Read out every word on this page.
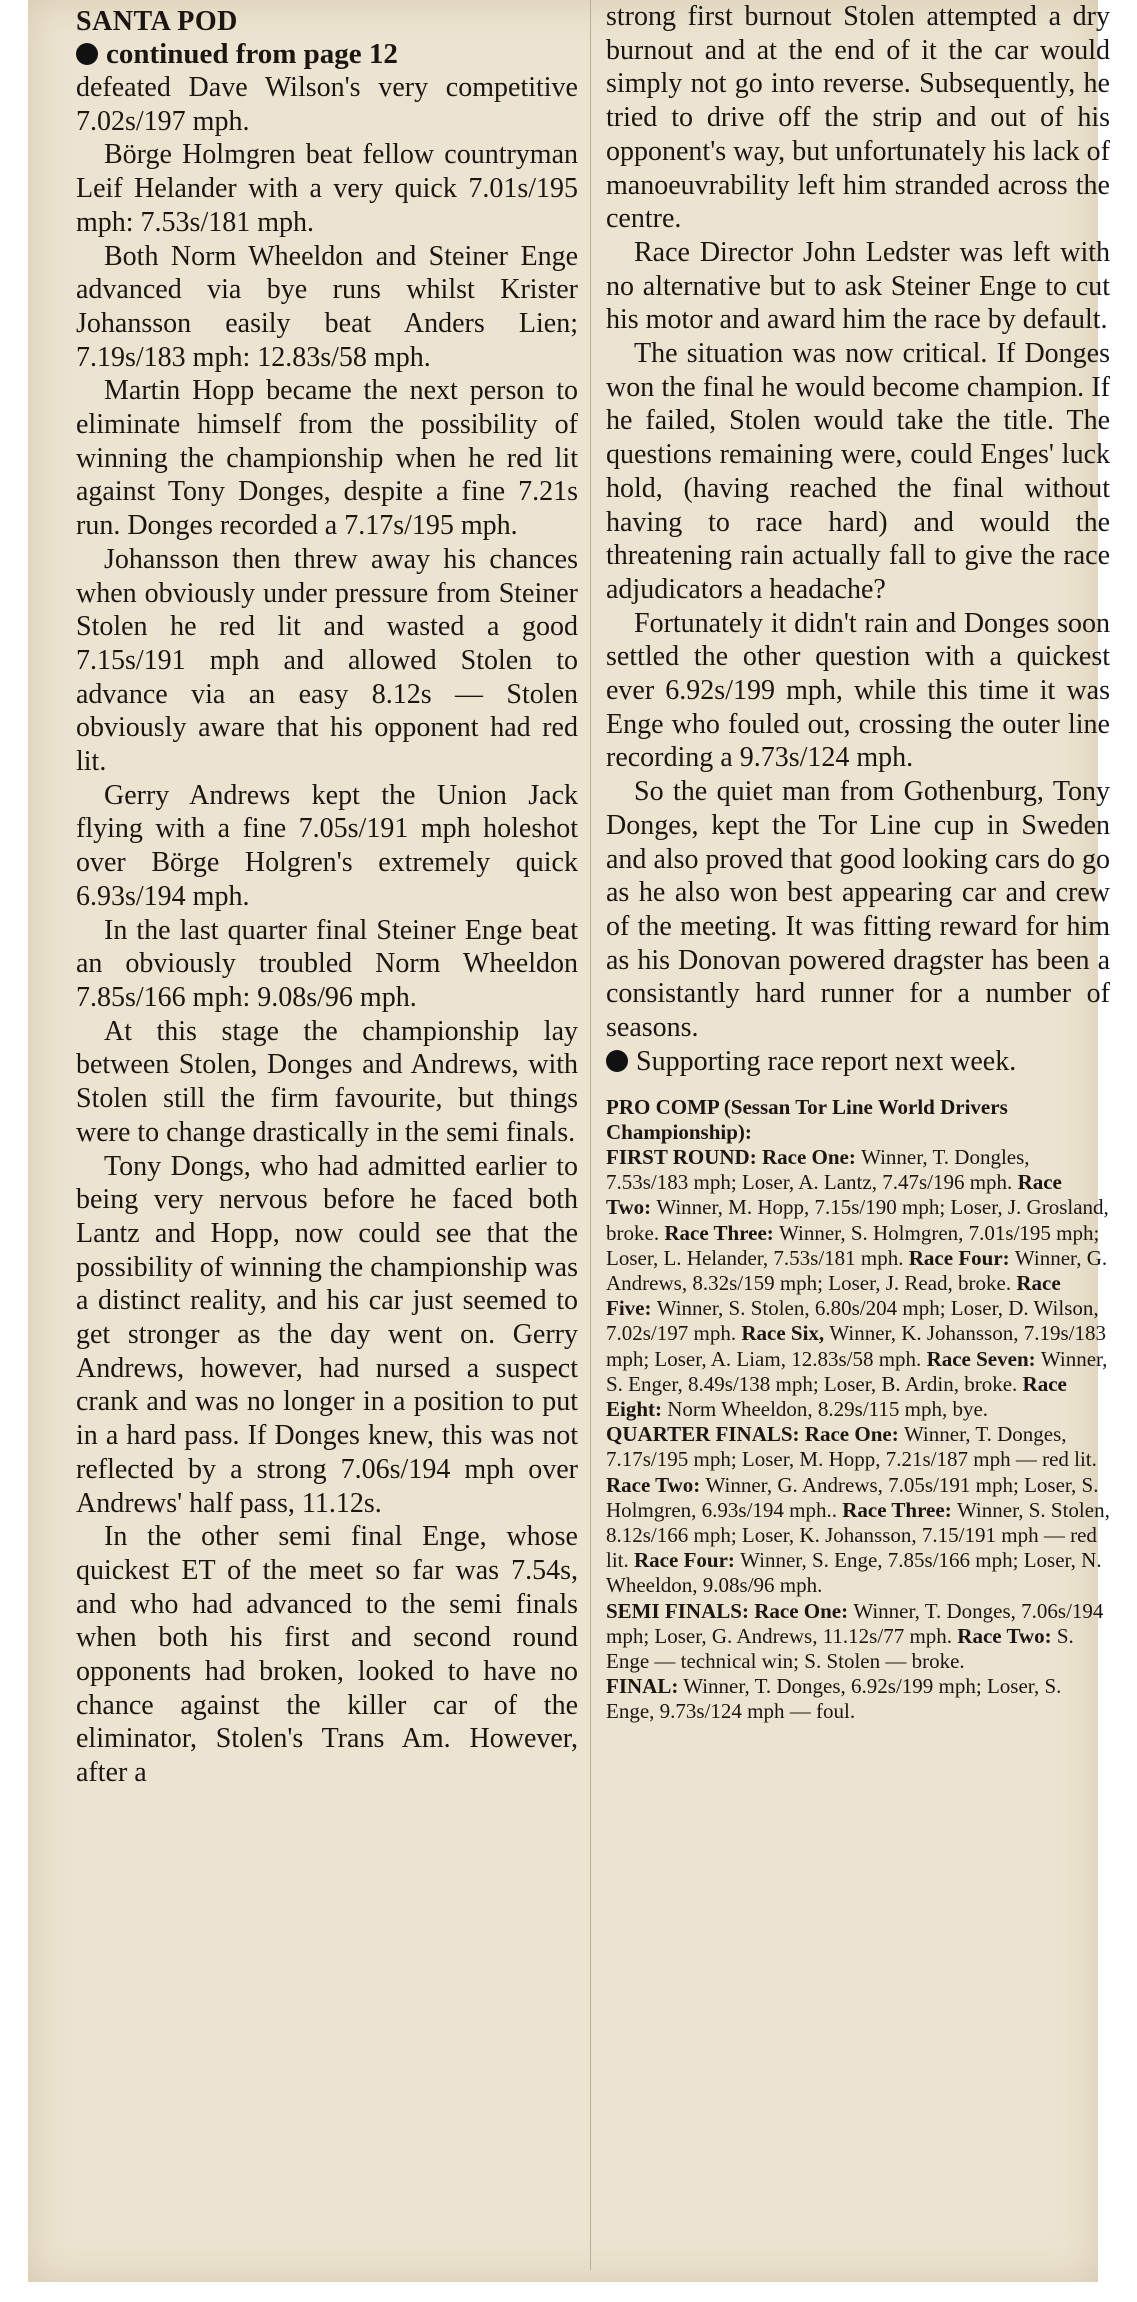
SANTA POD
continued from page 12

defeated Dave Wilson's very competitive 7.02s/197 mph.

Börge Holmgren beat fellow countryman Leif Helander with a very quick 7.01s/195 mph: 7.53s/181 mph.

Both Norm Wheeldon and Steiner Enge advanced via bye runs whilst Krister Johansson easily beat Anders Lien; 7.19s/183 mph: 12.83s/58 mph.

Martin Hopp became the next person to eliminate himself from the possibility of winning the championship when he red lit against Tony Donges, despite a fine 7.21s run. Donges recorded a 7.17s/195 mph.

Johansson then threw away his chances when obviously under pressure from Steiner Stolen he red lit and wasted a good 7.15s/191 mph and allowed Stolen to advance via an easy 8.12s — Stolen obviously aware that his opponent had red lit.

Gerry Andrews kept the Union Jack flying with a fine 7.05s/191 mph holeshot over Börge Holgren's extremely quick 6.93s/194 mph.

In the last quarter final Steiner Enge beat an obviously troubled Norm Wheeldon 7.85s/166 mph: 9.08s/96 mph.

At this stage the championship lay between Stolen, Donges and Andrews, with Stolen still the firm favourite, but things were to change drastically in the semi finals.

Tony Dongs, who had admitted earlier to being very nervous before he faced both Lantz and Hopp, now could see that the possibility of winning the championship was a distinct reality, and his car just seemed to get stronger as the day went on. Gerry Andrews, however, had nursed a suspect crank and was no longer in a position to put in a hard pass. If Donges knew, this was not reflected by a strong 7.06s/194 mph over Andrews' half pass, 11.12s.

In the other semi final Enge, whose quickest ET of the meet so far was 7.54s, and who had advanced to the semi finals when both his first and second round opponents had broken, looked to have no chance against the killer car of the eliminator, Stolen's Trans Am. However, after a

strong first burnout Stolen attempted a dry burnout and at the end of it the car would simply not go into reverse. Subsequently, he tried to drive off the strip and out of his opponent's way, but unfortunately his lack of manoeuvrability left him stranded across the centre.

Race Director John Ledster was left with no alternative but to ask Steiner Enge to cut his motor and award him the race by default.

The situation was now critical. If Donges won the final he would become champion. If he failed, Stolen would take the title. The questions remaining were, could Enges' luck hold, (having reached the final without having to race hard) and would the threatening rain actually fall to give the race adjudicators a headache?

Fortunately it didn't rain and Donges soon settled the other question with a quickest ever 6.92s/199 mph, while this time it was Enge who fouled out, crossing the outer line recording a 9.73s/124 mph.

So the quiet man from Gothenburg, Tony Donges, kept the Tor Line cup in Sweden and also proved that good looking cars do go as he also won best appearing car and crew of the meeting. It was fitting reward for him as his Donovan powered dragster has been a consistantly hard runner for a number of seasons.

Supporting race report next week.

PRO COMP (Sessan Tor Line World Drivers Championship):

FIRST ROUND: Race One: Winner, T. Dongles, 7.53s/183 mph; Loser, A. Lantz, 7.47s/196 mph. Race Two: Winner, M. Hopp, 7.15s/190 mph; Loser, J. Grosland, broke. Race Three: Winner, S. Holmgren, 7.01s/195 mph; Loser, L. Helander, 7.53s/181 mph. Race Four: Winner, G. Andrews, 8.32s/159 mph; Loser, J. Read, broke. Race Five: Winner, S. Stolen, 6.80s/204 mph; Loser, D. Wilson, 7.02s/197 mph. Race Six, Winner, K. Johansson, 7.19s/183 mph; Loser, A. Liam, 12.83s/58 mph. Race Seven: Winner, S. Enger, 8.49s/138 mph; Loser, B. Ardin, broke. Race Eight: Norm Wheeldon, 8.29s/115 mph, bye.

QUARTER FINALS: Race One: Winner, T. Donges, 7.17s/195 mph; Loser, M. Hopp, 7.21s/187 mph — red lit. Race Two: Winner, G. Andrews, 7.05s/191 mph; Loser, S. Holmgren, 6.93s/194 mph.. Race Three: Winner, S. Stolen, 8.12s/166 mph; Loser, K. Johansson, 7.15/191 mph — red lit. Race Four: Winner, S. Enge, 7.85s/166 mph; Loser, N. Wheeldon, 9.08s/96 mph.

SEMI FINALS: Race One: Winner, T. Donges, 7.06s/194 mph; Loser, G. Andrews, 11.12s/77 mph. Race Two: S. Enge — technical win; S. Stolen — broke.

FINAL: Winner, T. Donges, 6.92s/199 mph; Loser, S. Enge, 9.73s/124 mph — foul.
